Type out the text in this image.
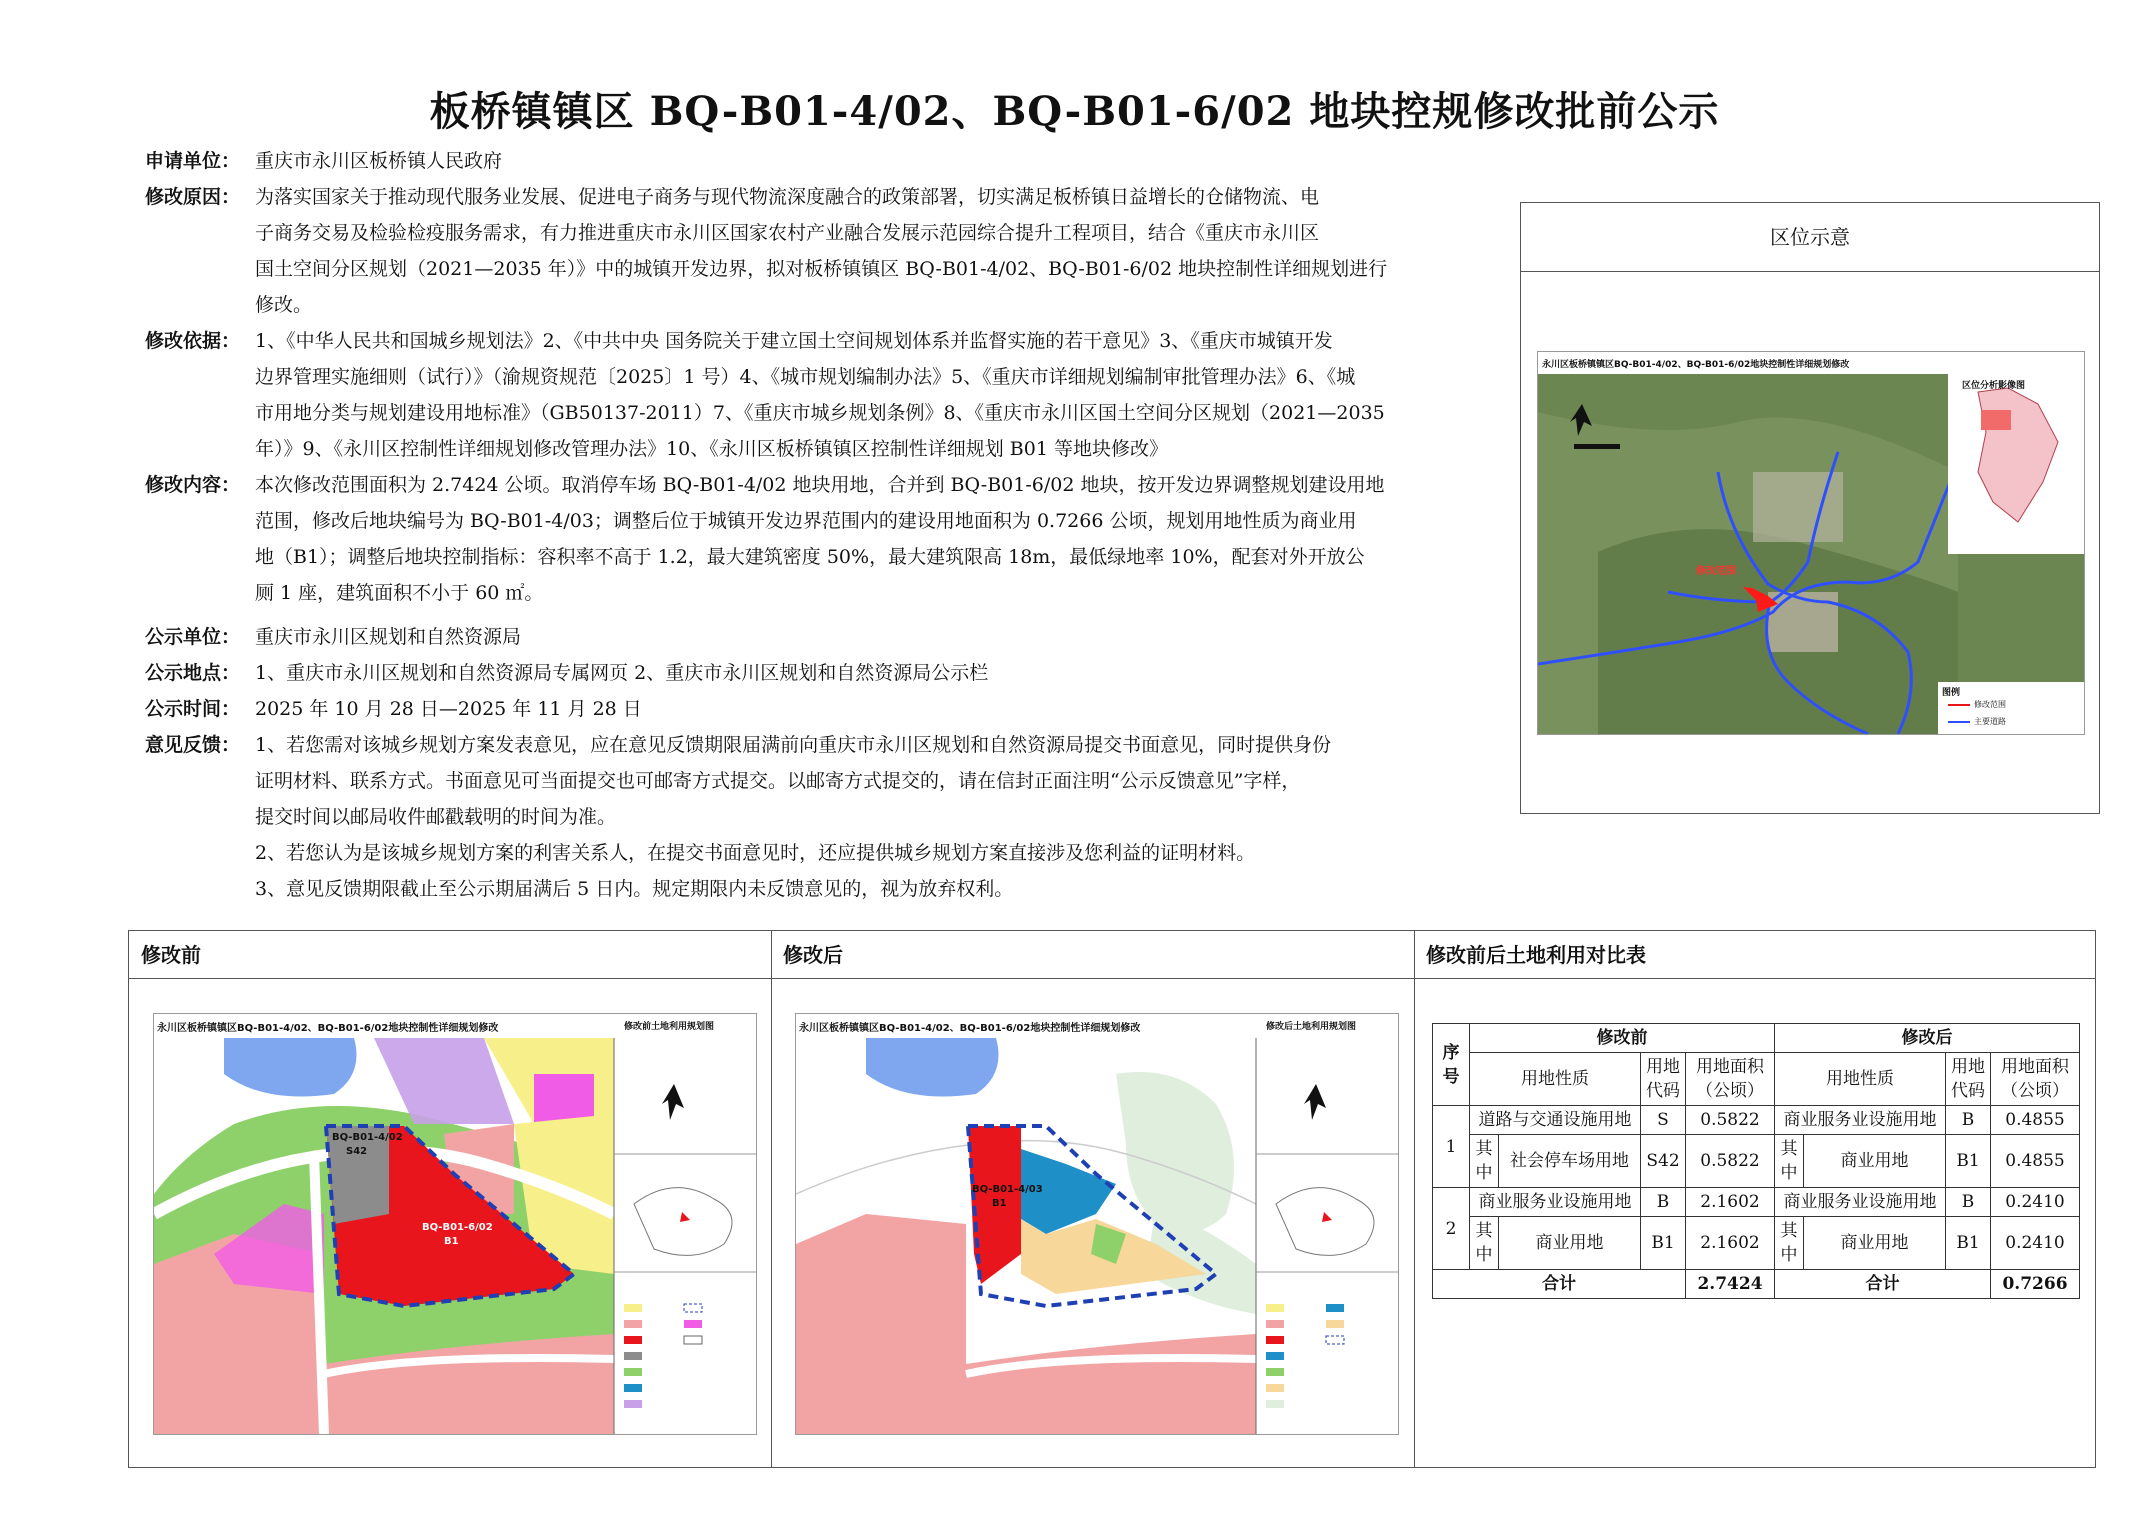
板桥镇镇区 BQ-B01-4/02、BQ-B01-6/02 地块控规修改批前公示
申请单位： 重庆市永川区板桥镇人民政府
修改原因： 为落实国家关于推动现代服务业发展、促进电子商务与现代物流深度融合的政策部署，切实满足板桥镇日益增长的仓储物流、电

子商务交易及检验检疫服务需求，有力推进重庆市永川区国家农村产业融合发展示范园综合提升工程项目，结合《重庆市永川区

国土空间分区规划（2021—2035 年）》中的城镇开发边界，拟对板桥镇镇区 BQ-B01-4/02、BQ-B01-6/02 地块控制性详细规划进行

修改。

修改依据： 1、《中华人民共和国城乡规划法》2、《中共中央 国务院关于建立国土空间规划体系并监督实施的若干意见》3、《重庆市城镇开发

边界管理实施细则（试行）》（渝规资规范〔2025〕1 号）4、《城市规划编制办法》5、《重庆市详细规划编制审批管理办法》6、《城

市用地分类与规划建设用地标准》（GB50137-2011）7、《重庆市城乡规划条例》8、《重庆市永川区国土空间分区规划（2021—2035

年）》9、《永川区控制性详细规划修改管理办法》10、《永川区板桥镇镇区控制性详细规划 B01 等地块修改》

修改内容： 本次修改范围面积为 2.7424 公顷。取消停车场 BQ-B01-4/02 地块用地，合并到 BQ-B01-6/02 地块，按开发边界调整规划建设用地

范围，修改后地块编号为 BQ-B01-4/03；调整后位于城镇开发边界范围内的建设用地面积为 0.7266 公顷，规划用地性质为商业用

地（B1）；调整后地块控制指标：容积率不高于 1.2，最大建筑密度 50%，最大建筑限高 18m，最低绿地率 10%，配套对外开放公

厕 1 座，建筑面积不小于 60 ㎡。

公示单位： 重庆市永川区规划和自然资源局
公示地点： 1、重庆市永川区规划和自然资源局专属网页 2、重庆市永川区规划和自然资源局公示栏
公示时间： 2025 年 10 月 28 日—2025 年 11 月 28 日
意见反馈： 1、若您需对该城乡规划方案发表意见，应在意见反馈期限届满前向重庆市永川区规划和自然资源局提交书面意见，同时提供身份

证明材料、联系方式。书面意见可当面提交也可邮寄方式提交。以邮寄方式提交的，请在信封正面注明“公示反馈意见”字样，

提交时间以邮局收件邮戳载明的时间为准。

2、若您认为是该城乡规划方案的利害关系人，在提交书面意见时，还应提供城乡规划方案直接涉及您利益的证明材料。

3、意见反馈期限截止至公示期届满后 5 日内。规定期限内未反馈意见的，视为放弃权利。

区位示意
永川区板桥镇镇区BQ-B01-4/02、BQ-B01-6/02地块控制性详细规划修改
区位分析影像图
修改范围
图例
修改范围
主要道路
修改前	修改后	修改前后土地利用对比表
永川区板桥镇镇区BQ-B01-4/02、BQ-B01-6/02地块控制性详细规划修改	修改前土地利用规划图
BQ-B01-4/02
S42
BQ-B01-6/02
B1
永川区板桥镇镇区BQ-B01-4/02、BQ-B01-6/02地块控制性详细规划修改	修改后土地利用规划图
BQ-B01-4/03
B1
序号	修改前				修改后			
	用地性质		用地代码	用地面积（公顷）	用地性质		用地代码	用地面积（公顷）
1	道路与交通设施用地		S	0.5822	商业服务业设施用地		B	0.4855
	其中	社会停车场用地	S42	0.5822	其中	商业用地	B1	0.4855
2	商业服务业设施用地		B	2.1602	商业服务业设施用地		B	0.2410
	其中	商业用地	B1	2.1602	其中	商业用地	B1	0.2410
合计				2.7424	合计			0.7266
